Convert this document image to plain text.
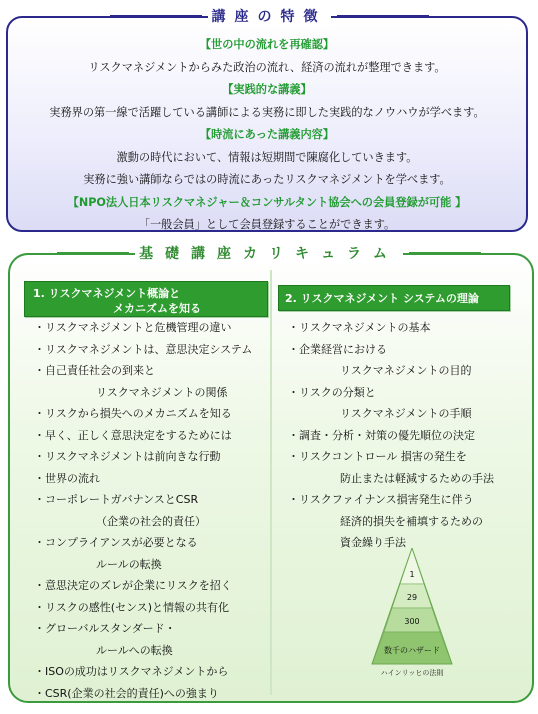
講座の特徴
【世の中の流れを再確認】
リスクマネジメントからみた政治の流れ、経済の流れが整理できます。
【実践的な講義】
実務界の第一線で活躍している講師による実務に即した実践的なノウハウが学べます。
【時流にあった講義内容】
激動の時代において、情報は短期間で陳腐化していきます。
実務に強い講師ならではの時流にあったリスクマネジメントを学べます。
【NPO法人日本リスクマネジャー＆コンサルタント協会への会員登録が可能 】
「一般会員」として会員登録することができます。
基礎講座カリキュラム
1. リスクマネジメント概論と
メカニズムを知る
2. リスクマネジメント システムの理論
・リスクマネジメントと危機管理の違い
・リスクマネジメントは、意思決定システム
・自己責任社会の到来と
リスクマネジメントの関係
・リスクから損失へのメカニズムを知る
・早く、正しく意思決定をするためには
・リスクマネジメントは前向きな行動
・世界の流れ
・コーポレートガバナンスとCSR
（企業の社会的責任）
・コンプライアンスが必要となる
ルールの転換
・意思決定のズレが企業にリスクを招く
・リスクの感性(センス)と情報の共有化
・グローバルスタンダード・
ルールへの転換
・ISOの成功はリスクマネジメントから
・CSR(企業の社会的責任)への強まり
・リスクマネジメントの基本
・企業経営における
リスクマネジメントの目的
・リスクの分類と
リスクマネジメントの手順
・調査・分析・対策の優先順位の決定
・リスクコントロール 損害の発生を
防止または軽減するための手法
・リスクファイナンス損害発生に伴う
経済的損失を補填するための
資金繰り手法
1
29
300
数千のハザード
ハインリッヒの法則
